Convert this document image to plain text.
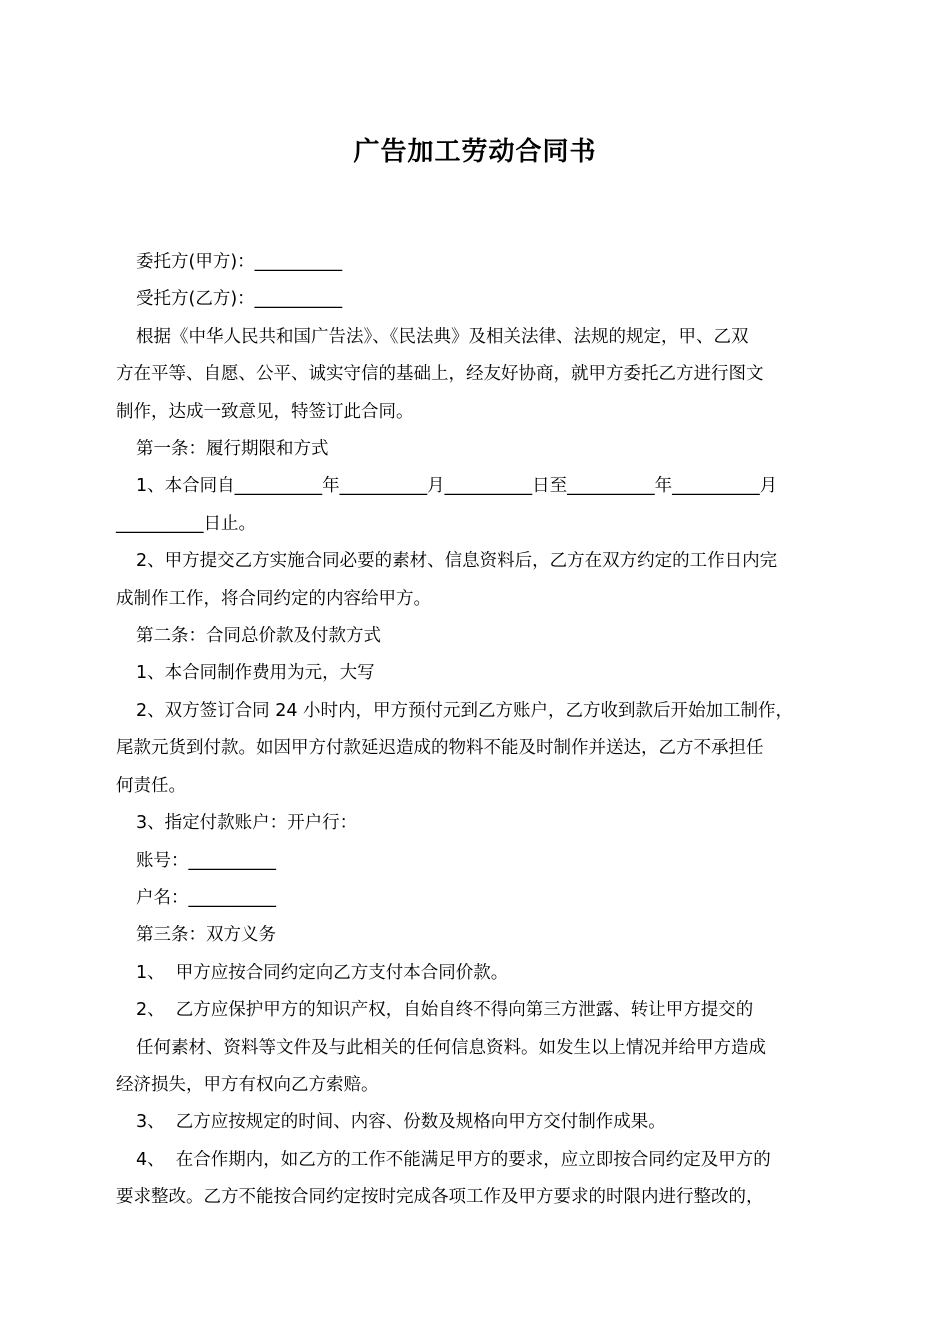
广告加工劳动合同书

委托方(甲方)：__________

受托方(乙方)：__________

根据《中华人民共和国广告法》、《民法典》及相关法律、法规的规定，甲、乙双

方在平等、自愿、公平、诚实守信的基础上，经友好协商，就甲方委托乙方进行图文

制作，达成一致意见，特签订此合同。

第一条：履行期限和方式

1、本合同自__________年__________月__________日至__________年__________月

__________日止。

2、甲方提交乙方实施合同必要的素材、信息资料后，乙方在双方约定的工作日内完

成制作工作，将合同约定的内容给甲方。

第二条：合同总价款及付款方式

1、本合同制作费用为元，大写

2、双方签订合同 24 小时内，甲方预付元到乙方账户，乙方收到款后开始加工制作，

尾款元货到付款。如因甲方付款延迟造成的物料不能及时制作并送达，乙方不承担任

何责任。

3、指定付款账户：开户行：

账号：__________

户名：__________

第三条：双方义务

1、  甲方应按合同约定向乙方支付本合同价款。

2、  乙方应保护甲方的知识产权，自始自终不得向第三方泄露、转让甲方提交的

任何素材、资料等文件及与此相关的任何信息资料。如发生以上情况并给甲方造成

经济损失，甲方有权向乙方索赔。

3、  乙方应按规定的时间、内容、份数及规格向甲方交付制作成果。

4、  在合作期内，如乙方的工作不能满足甲方的要求，应立即按合同约定及甲方的

要求整改。乙方不能按合同约定按时完成各项工作及甲方要求的时限内进行整改的，
